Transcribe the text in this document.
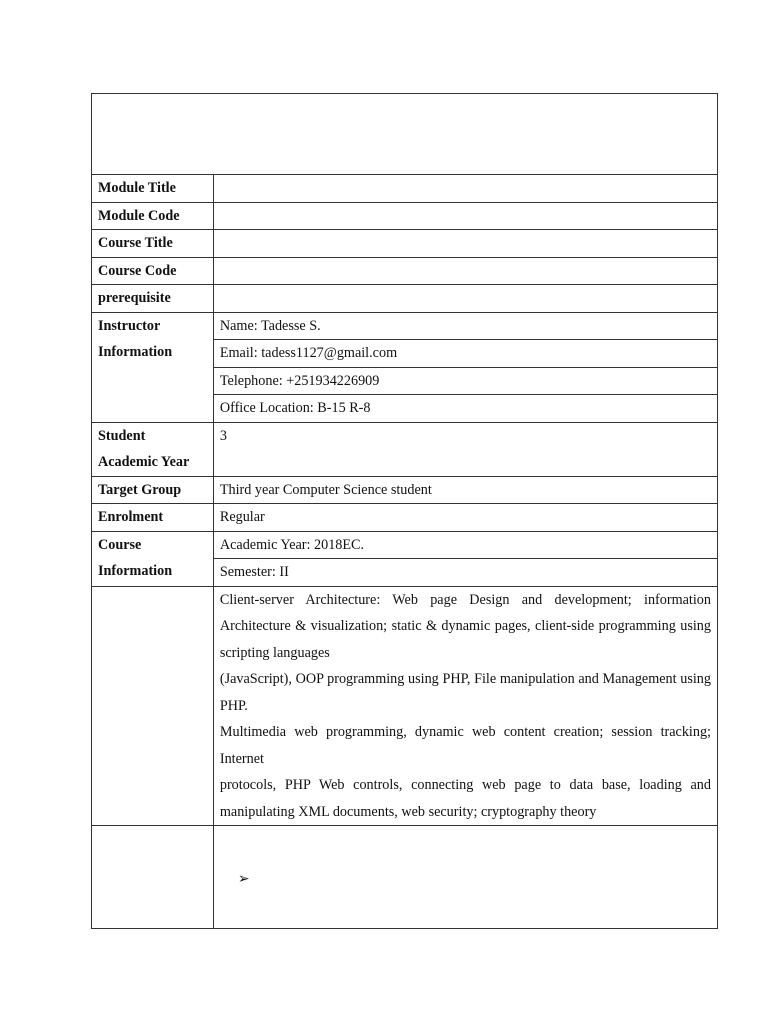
Module Title	
Module Code	
Course Title	
Course Code	
prerequisite	

Instructor
Information	Name: Tadesse S.
	Email: tadess1127@gmail.com
	Telephone: +251934226909
	Office Location: B-15 R-8

Student
Academic Year	3
Target Group	Third year Computer Science student
Enrolment	Regular

Course
Information	Academic Year: 2018EC.
	Semester: II

	Client-server Architecture: Web page Design and development; information Architecture & visualization; static & dynamic pages, client-side programming using scripting languages
(JavaScript), OOP programming using PHP, File manipulation and Management using PHP.
Multimedia web programming, dynamic web content creation; session tracking; Internet
protocols, PHP Web controls, connecting web page to data base, loading and manipulating XML documents, web security; cryptography theory

	➢
